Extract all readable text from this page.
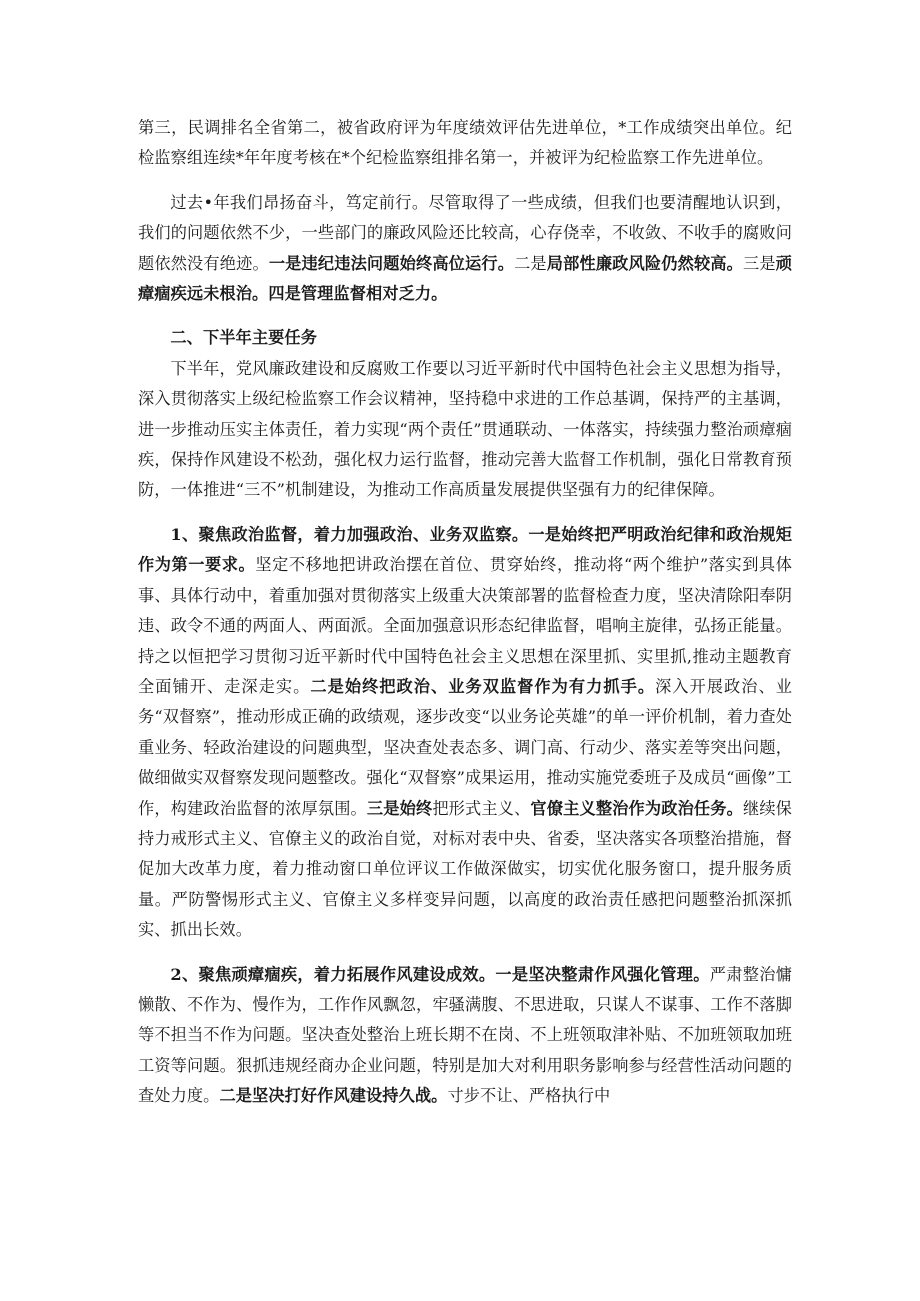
第三，民调排名全省第二，被省政府评为年度绩效评估先进单位，*工作成绩突出单位。纪检监察组连续*年年度考核在*个纪检监察组排名第一，并被评为纪检监察工作先进单位。

过去•年我们昂扬奋斗，笃定前行。尽管取得了一些成绩，但我们也要清醒地认识到，我们的问题依然不少，一些部门的廉政风险还比较高，心存侥幸，不收敛、不收手的腐败问题依然没有绝迹。一是违纪违法问题始终高位运行。二是局部性廉政风险仍然较高。三是顽瘴痼疾远未根治。四是管理监督相对乏力。

二、下半年主要任务

下半年，党风廉政建设和反腐败工作要以习近平新时代中国特色社会主义思想为指导，深入贯彻落实上级纪检监察工作会议精神，坚持稳中求进的工作总基调，保持严的主基调，进一步推动压实主体责任，着力实现“两个责任”贯通联动、一体落实，持续强力整治顽瘴痼疾，保持作风建设不松劲，强化权力运行监督，推动完善大监督工作机制，强化日常教育预防，一体推进“三不”机制建设，为推动工作高质量发展提供坚强有力的纪律保障。

1、聚焦政治监督，着力加强政治、业务双监察。一是始终把严明政治纪律和政治规矩作为第一要求。坚定不移地把讲政治摆在首位、贯穿始终，推动将“两个维护”落实到具体事、具体行动中，着重加强对贯彻落实上级重大决策部署的监督检查力度，坚决清除阳奉阴违、政令不通的两面人、两面派。全面加强意识形态纪律监督，唱响主旋律，弘扬正能量。持之以恒把学习贯彻习近平新时代中国特色社会主义思想在深里抓、实里抓,推动主题教育全面铺开、走深走实。二是始终把政治、业务双监督作为有力抓手。深入开展政治、业务“双督察”，推动形成正确的政绩观，逐步改变“以业务论英雄”的单一评价机制，着力查处重业务、轻政治建设的问题典型，坚决查处表态多、调门高、行动少、落实差等突出问题，做细做实双督察发现问题整改。强化“双督察”成果运用，推动实施党委班子及成员“画像”工作，构建政治监督的浓厚氛围。三是始终把形式主义、官僚主义整治作为政治任务。继续保持力戒形式主义、官僚主义的政治自觉，对标对表中央、省委，坚决落实各项整治措施，督促加大改革力度，着力推动窗口单位评议工作做深做实，切实优化服务窗口，提升服务质量。严防警惕形式主义、官僚主义多样变异问题，以高度的政治责任感把问题整治抓深抓实、抓出长效。

2、聚焦顽瘴痼疾，着力拓展作风建设成效。一是坚决整肃作风强化管理。严肃整治慵懒散、不作为、慢作为，工作作风飘忽，牢骚满腹、不思进取，只谋人不谋事、工作不落脚等不担当不作为问题。坚决查处整治上班长期不在岗、不上班领取津补贴、不加班领取加班工资等问题。狠抓违规经商办企业问题，特别是加大对利用职务影响参与经营性活动问题的查处力度。二是坚决打好作风建设持久战。寸步不让、严格执行中
